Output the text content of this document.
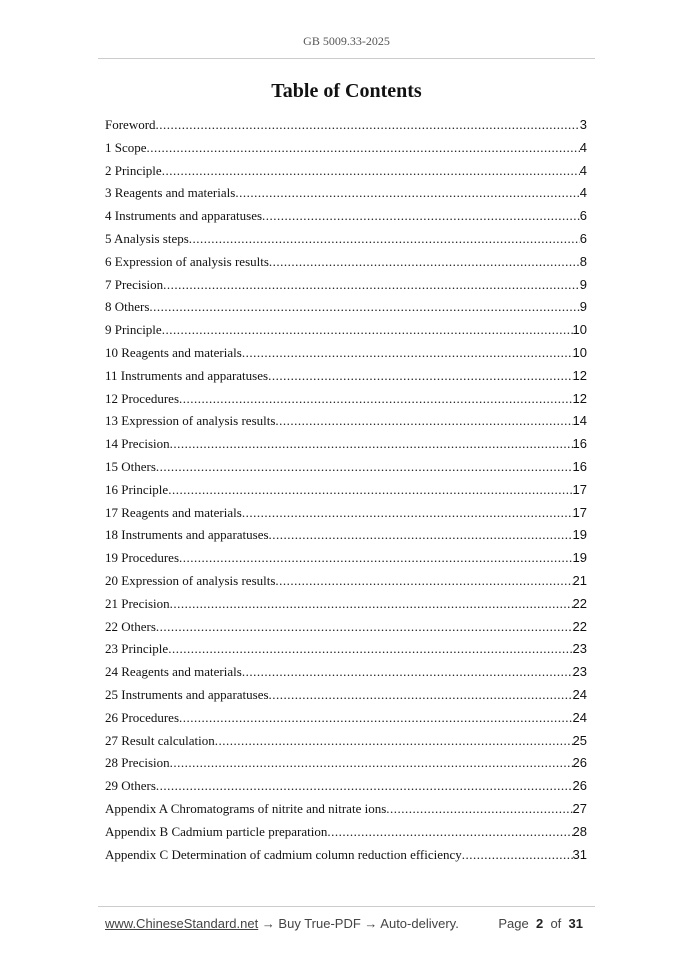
GB 5009.33-2025
Table of Contents
Foreword .....	3
1 Scope .....	4
2 Principle .....	4
3 Reagents and materials .....	4
4 Instruments and apparatuses .....	6
5 Analysis steps .....	6
6 Expression of analysis results .....	8
7 Precision .....	9
8 Others .....	9
9 Principle .....	10
10 Reagents and materials .....	10
11 Instruments and apparatuses .....	12
12 Procedures .....	12
13 Expression of analysis results .....	14
14 Precision .....	16
15 Others .....	16
16 Principle .....	17
17 Reagents and materials .....	17
18 Instruments and apparatuses .....	19
19 Procedures .....	19
20 Expression of analysis results .....	21
21 Precision .....	22
22 Others .....	22
23 Principle .....	23
24 Reagents and materials .....	23
25 Instruments and apparatuses .....	24
26 Procedures .....	24
27 Result calculation .....	25
28 Precision .....	26
29 Others .....	26
Appendix A Chromatograms of nitrite and nitrate ions .....	27
Appendix B Cadmium particle preparation .....	28
Appendix C Determination of cadmium column reduction efficiency .....	31
www.ChineseStandard.net → Buy True-PDF → Auto-delivery.	Page 2 of 31
